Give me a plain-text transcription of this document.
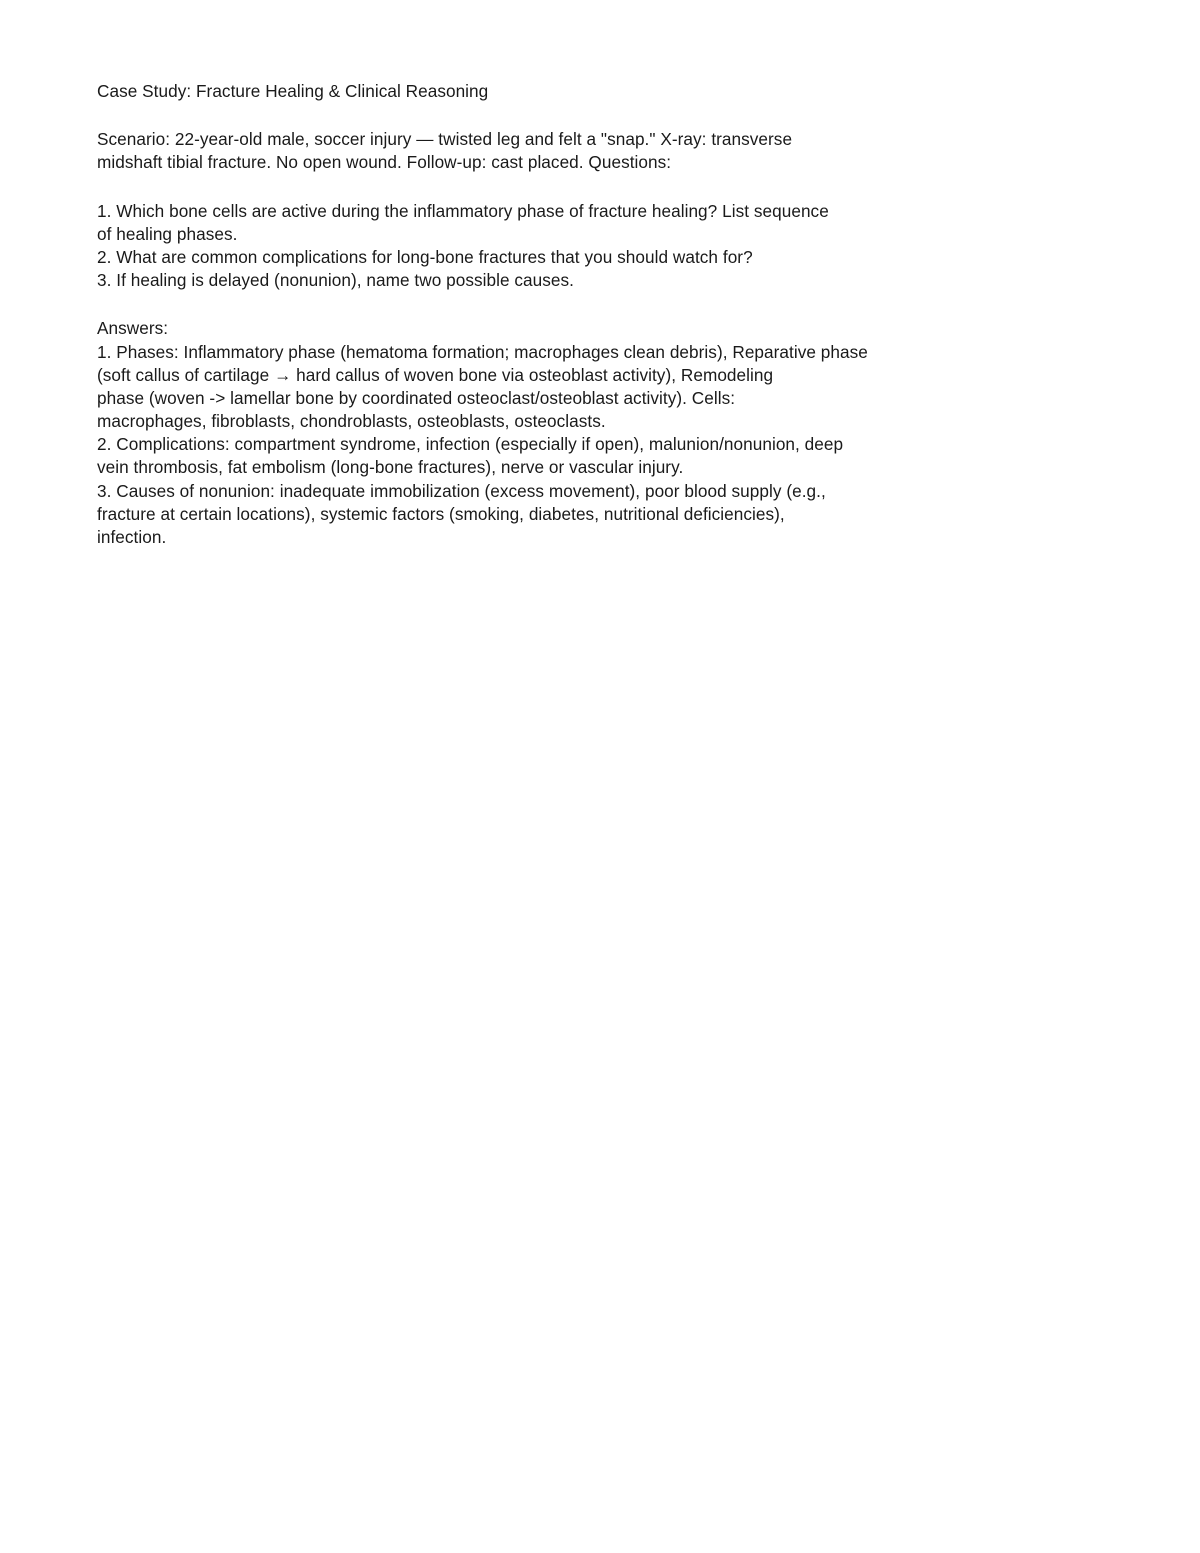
Case Study: Fracture Healing & Clinical Reasoning
Scenario: 22-year-old male, soccer injury — twisted leg and felt a "snap." X-ray: transverse
midshaft tibial fracture. No open wound. Follow-up: cast placed. Questions:
1. Which bone cells are active during the inflammatory phase of fracture healing? List sequence
of healing phases.
2. What are common complications for long-bone fractures that you should watch for?
3. If healing is delayed (nonunion), name two possible causes.
Answers:
1. Phases: Inflammatory phase (hematoma formation; macrophages clean debris), Reparative phase
(soft callus of cartilage → hard callus of woven bone via osteoblast activity), Remodeling
phase (woven -> lamellar bone by coordinated osteoclast/osteoblast activity). Cells:
macrophages, fibroblasts, chondroblasts, osteoblasts, osteoclasts.
2. Complications: compartment syndrome, infection (especially if open), malunion/nonunion, deep
vein thrombosis, fat embolism (long-bone fractures), nerve or vascular injury.
3. Causes of nonunion: inadequate immobilization (excess movement), poor blood supply (e.g.,
fracture at certain locations), systemic factors (smoking, diabetes, nutritional deficiencies),
infection.
